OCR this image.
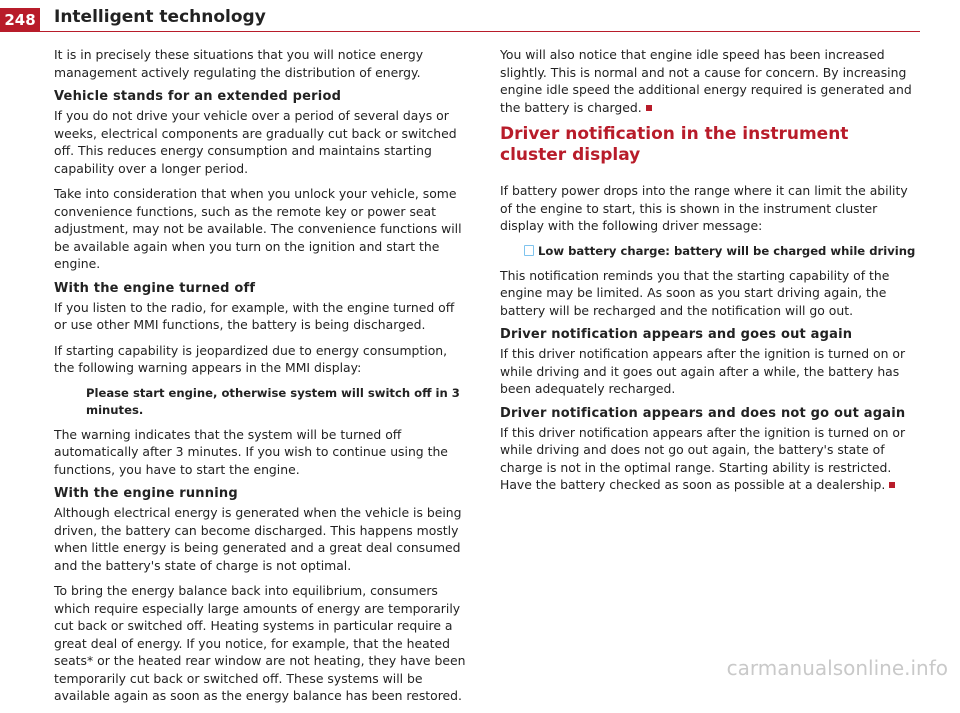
248 Intelligent technology

It is in precisely these situations that you will notice energy management actively regulating the distribution of energy.

Vehicle stands for an extended period

If you do not drive your vehicle over a period of several days or weeks, electrical components are gradually cut back or switched off. This reduces energy consumption and maintains starting capability over a longer period.

Take into consideration that when you unlock your vehicle, some convenience functions, such as the remote key or power seat adjustment, may not be available. The convenience functions will be available again when you turn on the ignition and start the engine.

With the engine turned off

If you listen to the radio, for example, with the engine turned off or use other MMI functions, the battery is being discharged.

If starting capability is jeopardized due to energy consumption, the following warning appears in the MMI display:

Please start engine, otherwise system will switch off in 3 minutes.

The warning indicates that the system will be turned off automatically after 3 minutes. If you wish to continue using the functions, you have to start the engine.

With the engine running

Although electrical energy is generated when the vehicle is being driven, the battery can become discharged. This happens mostly when little energy is being generated and a great deal consumed and the battery's state of charge is not optimal.

To bring the energy balance back into equilibrium, consumers which require especially large amounts of energy are temporarily cut back or switched off. Heating systems in particular require a great deal of energy. If you notice, for example, that the heated seats* or the heated rear window are not heating, they have been temporarily cut back or switched off. These systems will be available again as soon as the energy balance has been restored.

You will also notice that engine idle speed has been increased slightly. This is normal and not a cause for concern. By increasing engine idle speed the additional energy required is generated and the battery is charged.

Driver notification in the instrument cluster display

If battery power drops into the range where it can limit the ability of the engine to start, this is shown in the instrument cluster display with the following driver message:

Low battery charge: battery will be charged while driving

This notification reminds you that the starting capability of the engine may be limited. As soon as you start driving again, the battery will be recharged and the notification will go out.

Driver notification appears and goes out again

If this driver notification appears after the ignition is turned on or while driving and it goes out again after a while, the battery has been adequately recharged.

Driver notification appears and does not go out again

If this driver notification appears after the ignition is turned on or while driving and does not go out again, the battery's state of charge is not in the optimal range. Starting ability is restricted. Have the battery checked as soon as possible at a dealership.

carmanualsonline.info
